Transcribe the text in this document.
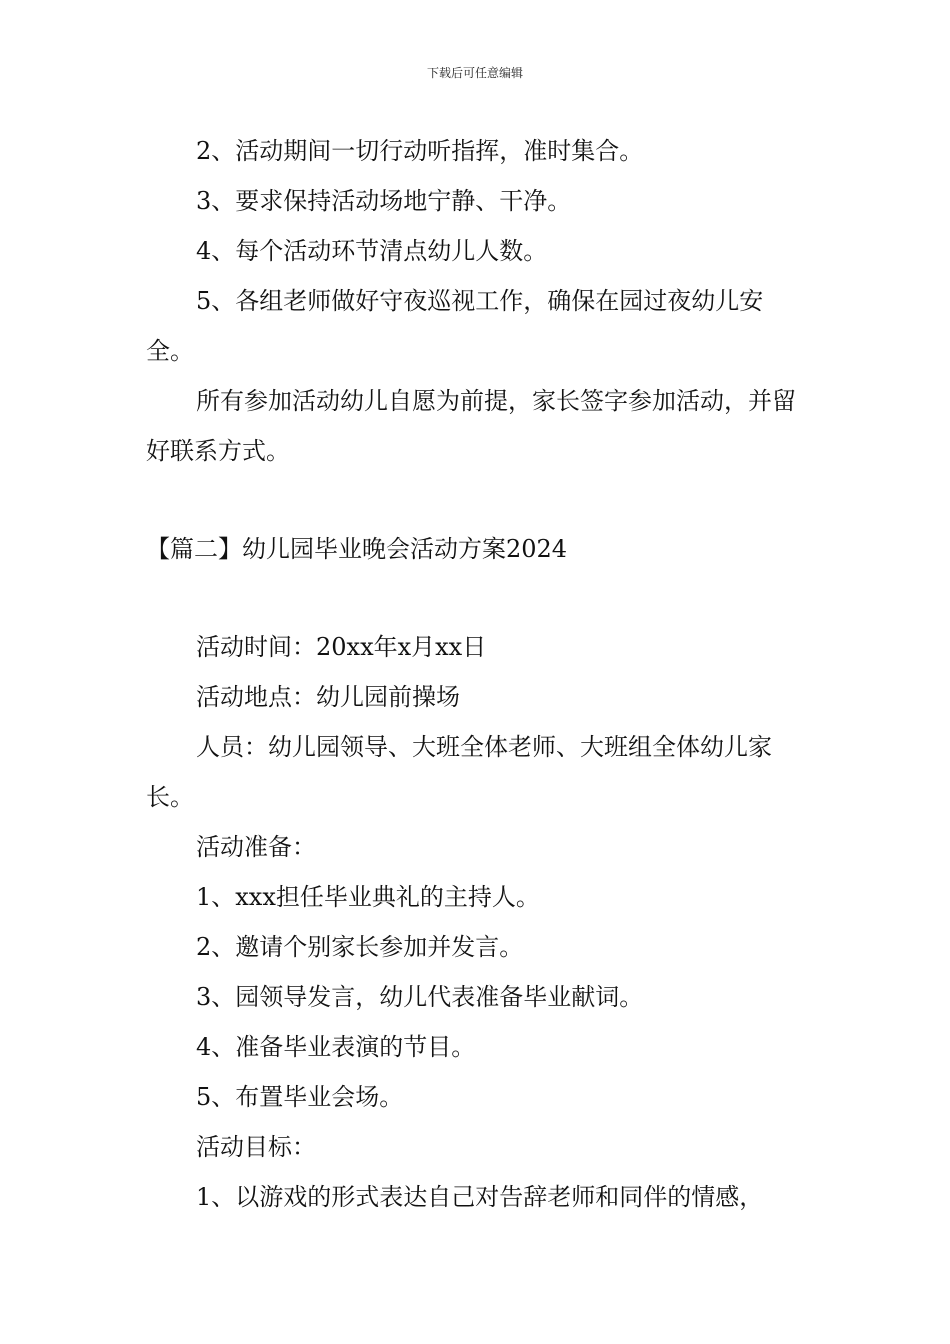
下载后可任意编辑

2、活动期间一切行动听指挥，准时集合。

3、要求保持活动场地宁静、干净。

4、每个活动环节清点幼儿人数。

5、各组老师做好守夜巡视工作，确保在园过夜幼儿安全。

所有参加活动幼儿自愿为前提，家长签字参加活动，并留好联系方式。

【篇二】幼儿园毕业晚会活动方案2024

活动时间：20xx年x月xx日

活动地点：幼儿园前操场

人员：幼儿园领导、大班全体老师、大班组全体幼儿家长。

活动准备：

1、xxx担任毕业典礼的主持人。

2、邀请个别家长参加并发言。

3、园领导发言，幼儿代表准备毕业献词。

4、准备毕业表演的节目。

5、布置毕业会场。

活动目标：

1、以游戏的形式表达自己对告辞老师和同伴的情感，
